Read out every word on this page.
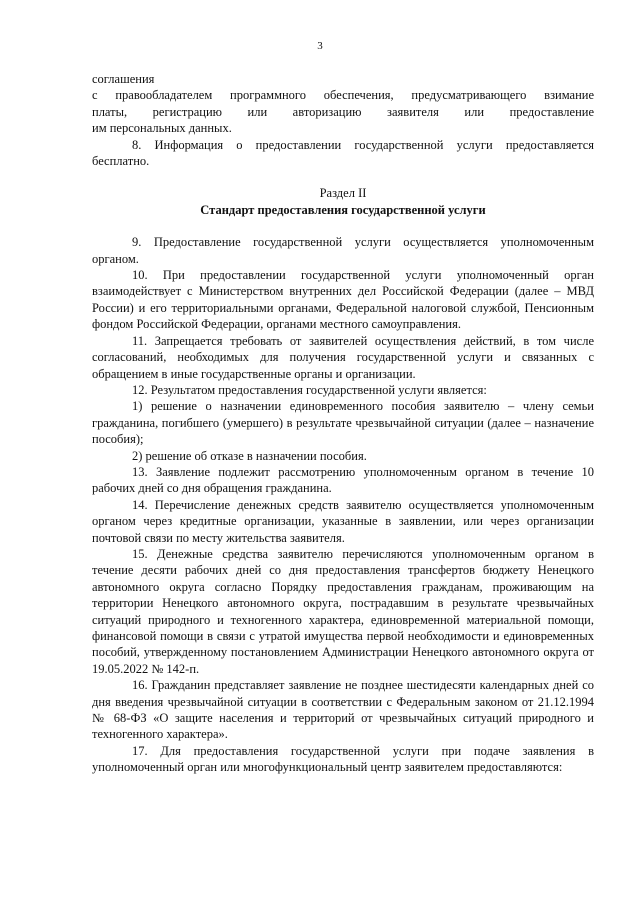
3

соглашения

с правообладателем программного обеспечения, предусматривающего взимание

платы, регистрацию или авторизацию заявителя или предоставление

им персональных данных.

8. Информация о предоставлении государственной услуги предоставляется бесплатно.

Раздел II

Стандарт предоставления государственной услуги

9. Предоставление государственной услуги осуществляется уполномоченным органом.

10. При предоставлении государственной услуги уполномоченный орган взаимодействует с Министерством внутренних дел Российской Федерации (далее – МВД России) и его территориальными органами, Федеральной налоговой службой, Пенсионным фондом Российской Федерации, органами местного самоуправления.

11. Запрещается требовать от заявителей осуществления действий, в том числе согласований, необходимых для получения государственной услуги и связанных с обращением в иные государственные органы и организации.

12. Результатом предоставления государственной услуги является:

1) решение о назначении единовременного пособия заявителю – члену семьи гражданина, погибшего (умершего) в результате чрезвычайной ситуации (далее – назначение пособия);

2) решение об отказе в назначении пособия.

13. Заявление подлежит рассмотрению уполномоченным органом в течение 10 рабочих дней со дня обращения гражданина.

14. Перечисление денежных средств заявителю осуществляется уполномоченным органом через кредитные организации, указанные в заявлении, или через организации почтовой связи по месту жительства заявителя.

15. Денежные средства заявителю перечисляются уполномоченным органом в течение десяти рабочих дней со дня предоставления трансфертов бюджету Ненецкого автономного округа согласно Порядку предоставления гражданам, проживающим на территории Ненецкого автономного округа, пострадавшим в результате чрезвычайных ситуаций природного и техногенного характера, единовременной материальной помощи, финансовой помощи в связи с утратой имущества первой необходимости и единовременных пособий, утвержденному постановлением Администрации Ненецкого автономного округа от 19.05.2022 № 142-п.

16. Гражданин представляет заявление не позднее шестидесяти календарных дней со дня введения чрезвычайной ситуации в соответствии с Федеральным законом от 21.12.1994 № 68-ФЗ «О защите населения и территорий от чрезвычайных ситуаций природного и техногенного характера».

17. Для предоставления государственной услуги при подаче заявления в уполномоченный орган или многофункциональный центр заявителем предоставляются:
